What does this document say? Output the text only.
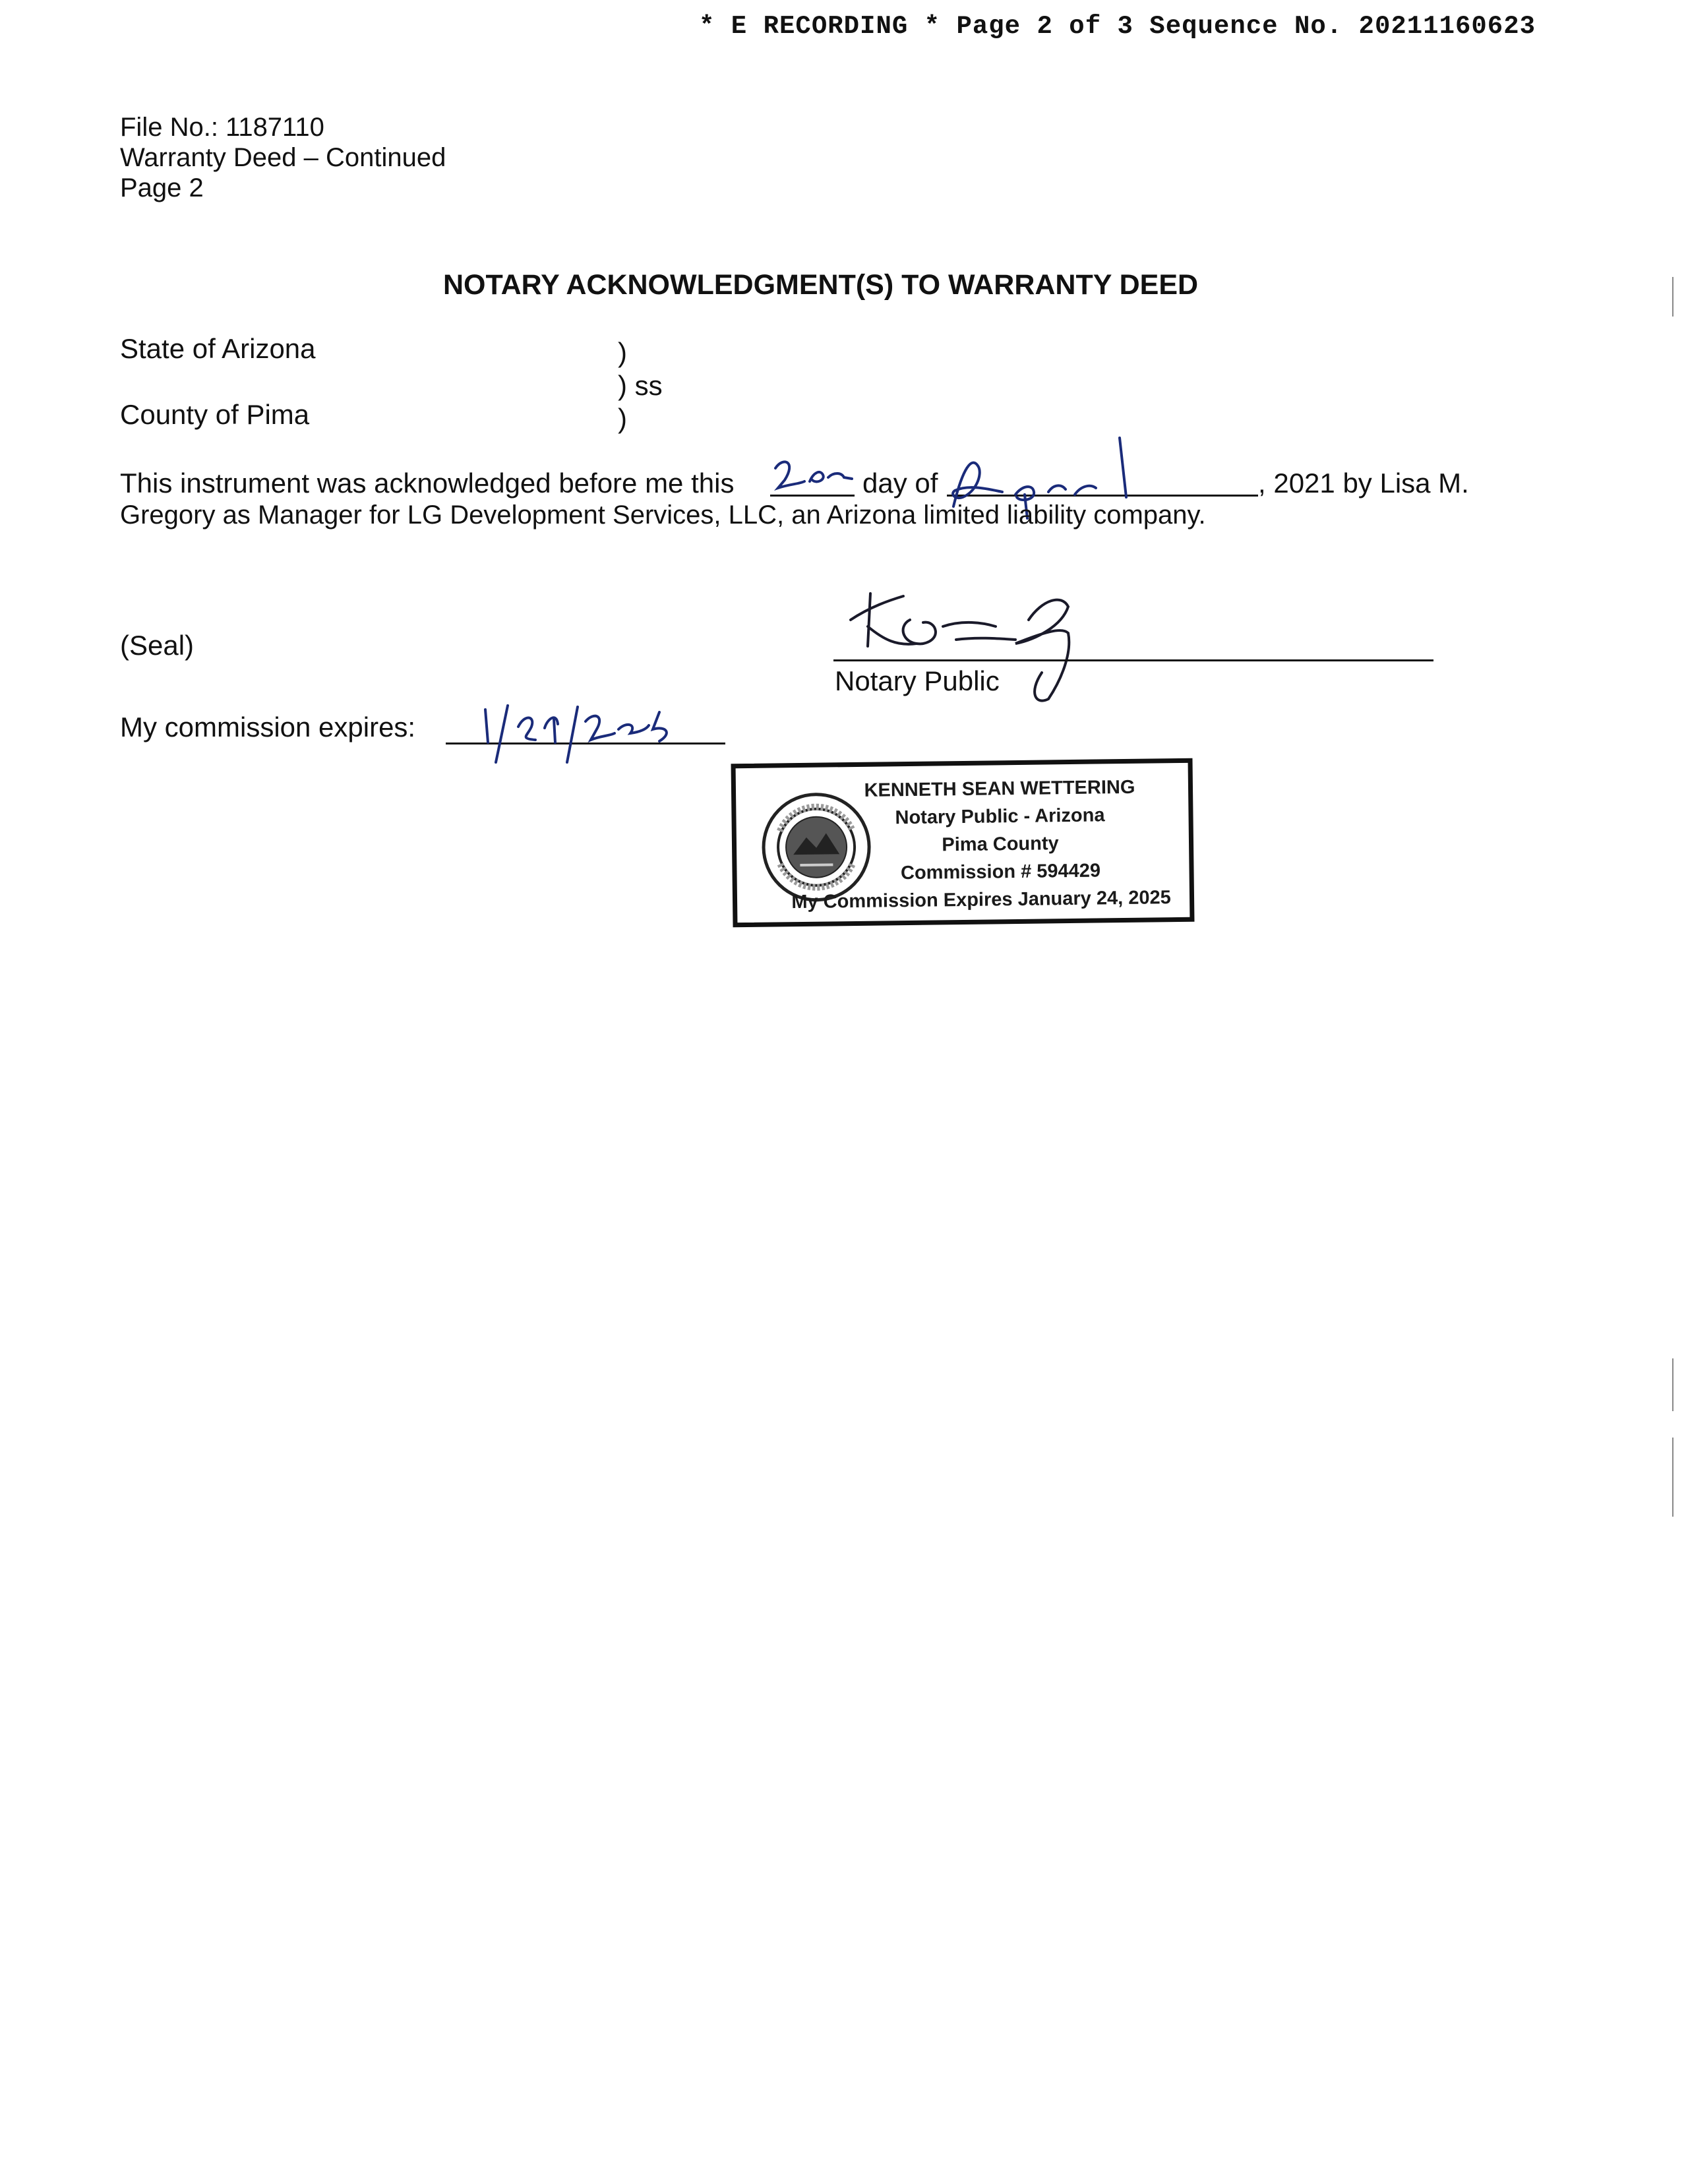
* E RECORDING * Page 2 of 3 Sequence No. 20211160623
File No.: 1187110
Warranty Deed – Continued
Page 2
NOTARY ACKNOWLEDGMENT(S) TO WARRANTY DEED
State of Arizona
County of Pima
)
) ss
)
This instrument was acknowledged before me this	day of	, 2021 by Lisa M.
Gregory as Manager for LG Development Services, LLC, an Arizona limited liability company.
(Seal)
Notary Public
My commission expires:
KENNETH SEAN WETTERING
Notary Public - Arizona
Pima County
Commission # 594429
My Commission Expires January 24, 2025
